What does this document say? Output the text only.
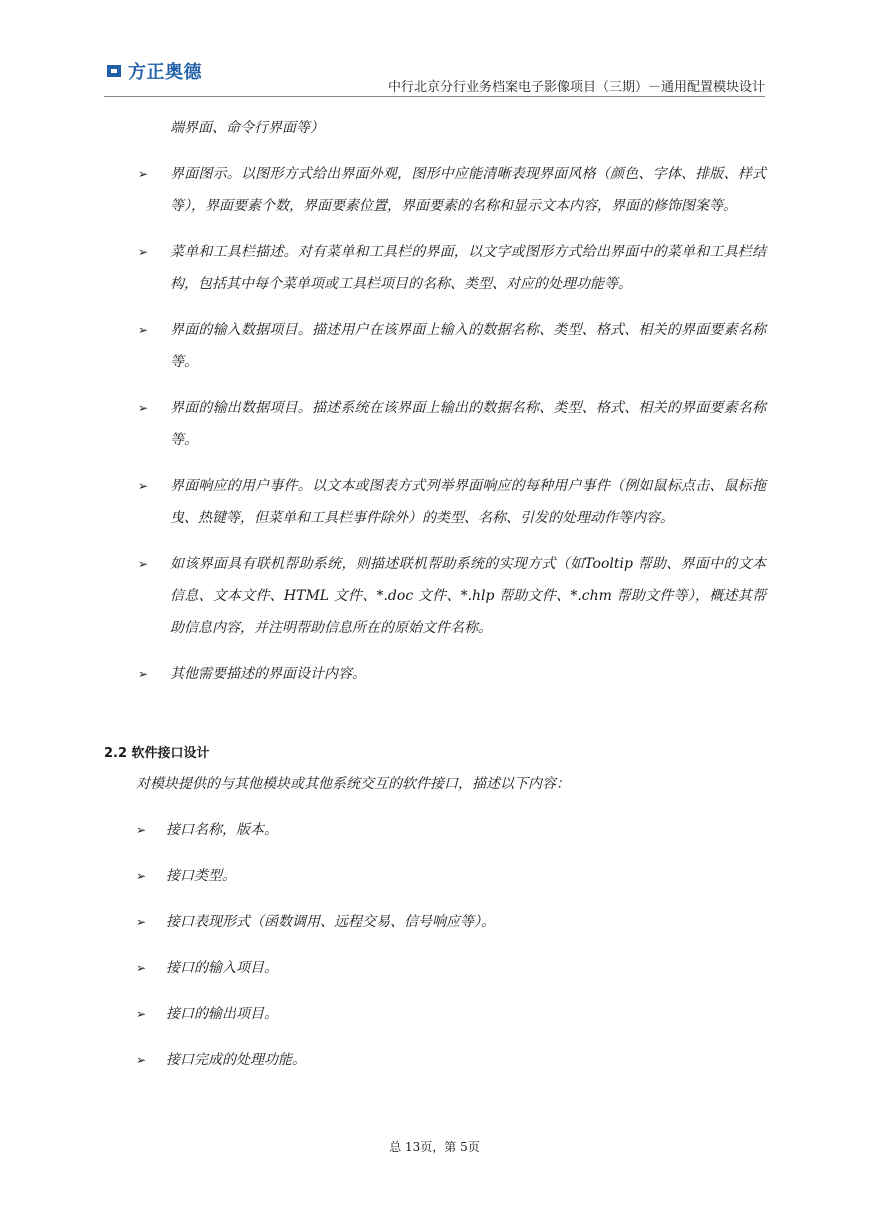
方正奥德
中行北京分行业务档案电子影像项目（三期）－通用配置模块设计

端界面、命令行界面等）

➢	界面图示。以图形方式给出界面外观，图形中应能清晰表现界面风格（颜色、字体、排版、样式等），界面要素个数，界面要素位置，界面要素的名称和显示文本内容，界面的修饰图案等。

➢	菜单和工具栏描述。对有菜单和工具栏的界面，以文字或图形方式给出界面中的菜单和工具栏结构，包括其中每个菜单项或工具栏项目的名称、类型、对应的处理功能等。

➢	界面的输入数据项目。描述用户在该界面上输入的数据名称、类型、格式、相关的界面要素名称等。

➢	界面的输出数据项目。描述系统在该界面上输出的数据名称、类型、格式、相关的界面要素名称等。

➢	界面响应的用户事件。以文本或图表方式列举界面响应的每种用户事件（例如鼠标点击、鼠标拖曳、热键等，但菜单和工具栏事件除外）的类型、名称、引发的处理动作等内容。

➢	如该界面具有联机帮助系统，则描述联机帮助系统的实现方式（如Tooltip 帮助、界面中的文本信息、文本文件、HTML 文件、*.doc 文件、*.hlp 帮助文件、*.chm 帮助文件等），概述其帮助信息内容，并注明帮助信息所在的原始文件名称。

➢	其他需要描述的界面设计内容。

2.2 软件接口设计

对模块提供的与其他模块或其他系统交互的软件接口，描述以下内容：

➢	接口名称，版本。

➢	接口类型。

➢	接口表现形式（函数调用、远程交易、信号响应等）。

➢	接口的输入项目。

➢	接口的输出项目。

➢	接口完成的处理功能。

总 13页，第 5页
